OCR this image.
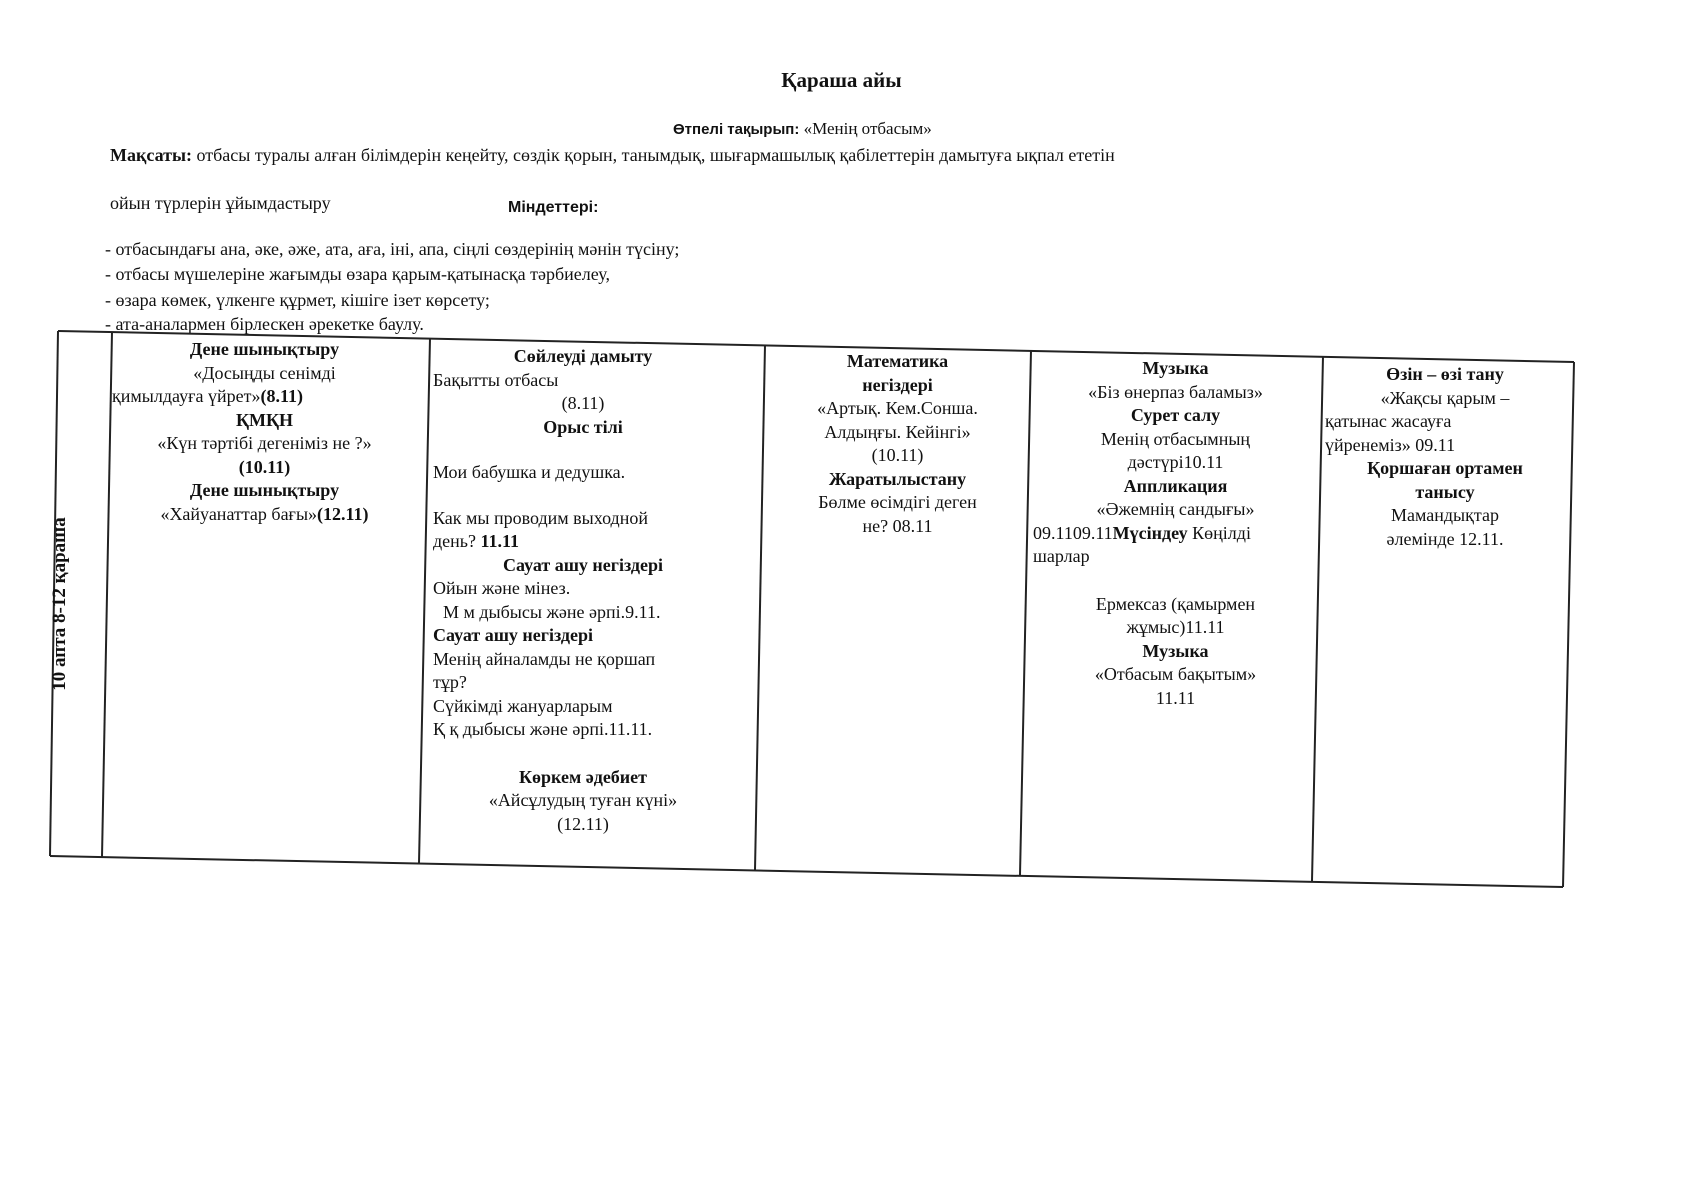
Қараша айы
Өтпелі тақырып: «Менің отбасым»
Мақсаты: отбасы туралы алған білімдерін кеңейту, сөздік қорын, танымдық, шығармашылық қабілеттерін дамытуға ықпал ететін
ойын түрлерін ұйымдастыру	Міндеттері:
- отбасындағы ана, әке, әже, ата, аға, іні, апа, сіңлі сөздерінің мәнін түсіну;
- отбасы мүшелеріне жағымды өзара қарым-қатынасқа тәрбиелеу,
- өзара көмек, үлкенге құрмет, кішіге ізет көрсету;
- ата-аналармен бірлескен әрекетке баулу.
10 апта 8-12 қараша
Дене шынықтыру
«Досыңды сенімді
қимылдауға үйрет»(8.11)
ҚМҚН
«Күн тәртібі дегеніміз не ?»
(10.11)
Дене шынықтыру
«Хайуанаттар бағы»(12.11)
Сөйлеуді дамыту
Бақытты отбасы
(8.11)
Орыс тілі
Мои бабушка и дедушка.
Как мы проводим выходной
день? 11.11
Сауат ашу негіздері
Ойын және мінез.
М м дыбысы және әрпі.9.11.
Сауат ашу негіздері
Менің айналамды не қоршап
тұр?
Сүйкімді жануарларым
Қ қ дыбысы және әрпі.11.11.
Көркем әдебиет
«Айсұлудың туған күні»
(12.11)
Математика
негіздері
«Артық. Кем.Сонша.
Алдыңғы. Кейінгі»
(10.11)
Жаратылыстану
Бөлме өсімдігі деген
не? 08.11
Музыка
«Біз өнерпаз баламыз»
Сурет салу
Менің отбасымның
дәстүрі10.11
Аппликация
«Әжемнің сандығы»
09.1109.11Мүсіндеу Көңілді
шарлар
Ермексаз (қамырмен
жұмыс)11.11
Музыка
«Отбасым бақытым»
11.11
Өзін – өзі тану
«Жақсы қарым –
қатынас жасауға
үйренеміз» 09.11
Қоршаған ортамен
танысу
Мамандықтар
әлемінде 12.11.
